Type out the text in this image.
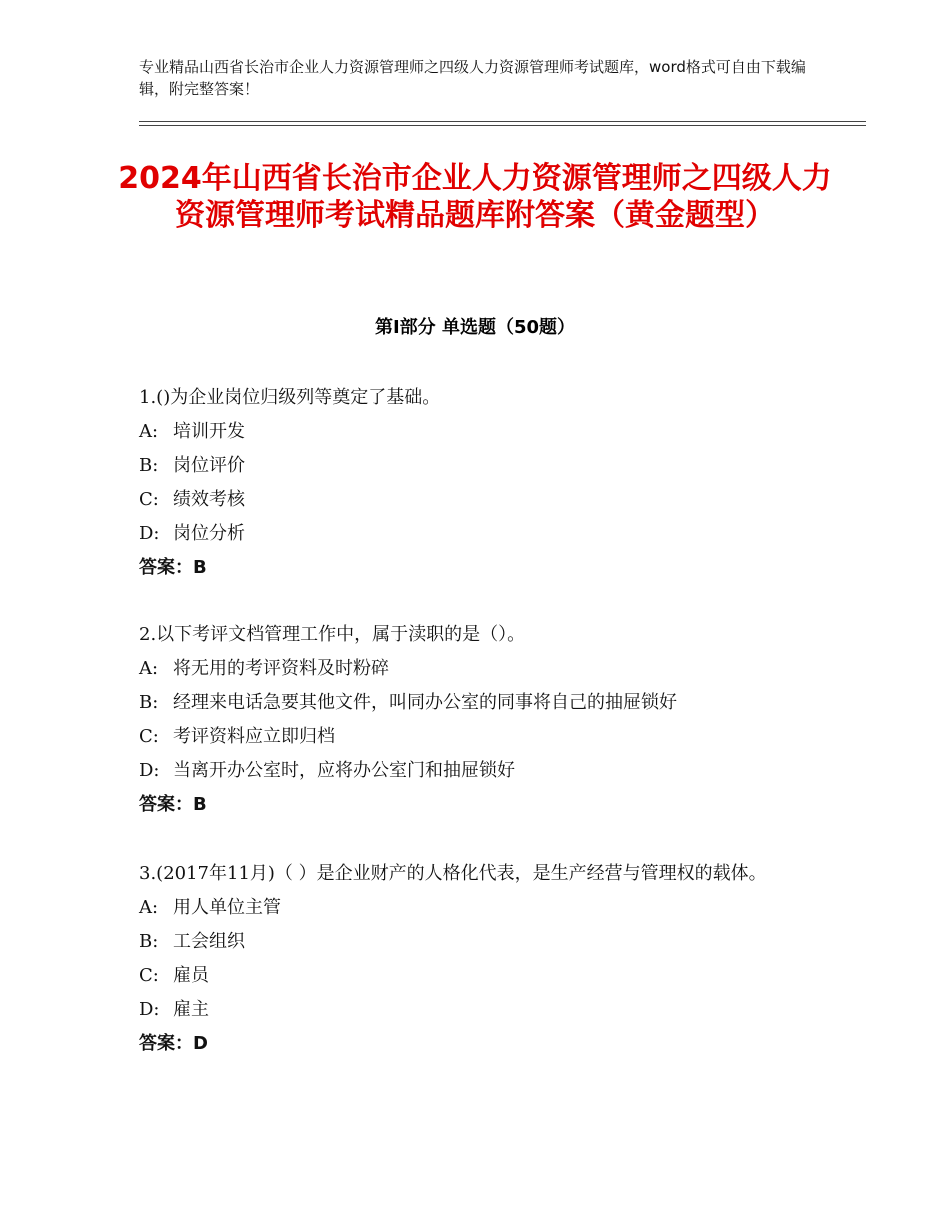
专业精品山西省长治市企业人力资源管理师之四级人力资源管理师考试题库，word格式可自由下载编辑，附完整答案！
2024年山西省长治市企业人力资源管理师之四级人力资源管理师考试精品题库附答案（黄金题型）
第Ⅰ部分 单选题（50题）
1.()为企业岗位归级列等奠定了基础。
A: 培训开发
B: 岗位评价
C: 绩效考核
D: 岗位分析
答案：B
2.以下考评文档管理工作中，属于渎职的是（）。
A: 将无用的考评资料及时粉碎
B: 经理来电话急要其他文件，叫同办公室的同事将自己的抽屉锁好
C: 考评资料应立即归档
D: 当离开办公室时，应将办公室门和抽屉锁好
答案：B
3.(2017年11月)（ ）是企业财产的人格化代表，是生产经营与管理权的载体。
A: 用人单位主管
B: 工会组织
C: 雇员
D: 雇主
答案：D
